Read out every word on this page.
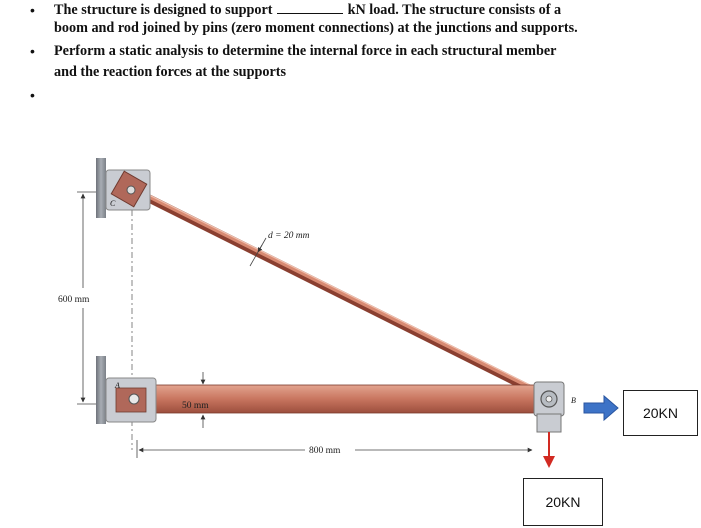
• The structure is designed to support	kN load. The structure consists of a
boom and rod joined by pins (zero moment connections) at the junctions and supports.
• Perform a static analysis to determine the internal force in each structural member
and the reaction forces at the supports
•
600 mm
C
A
B
d = 20 mm
50 mm
800 mm
20KN
20KN
